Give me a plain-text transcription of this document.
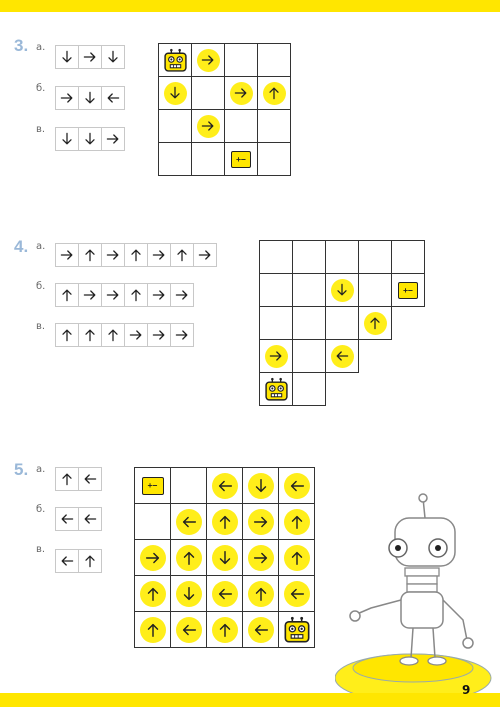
3. а.
б.
в.
+−
4. а.
б.
в.
+−
5. а.
б.
в.
+−
9
